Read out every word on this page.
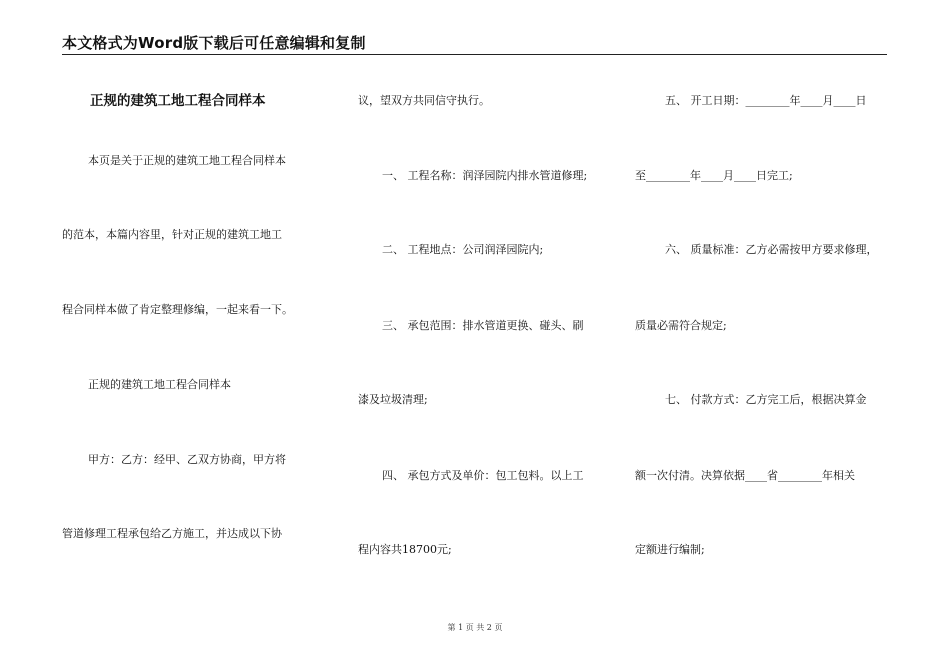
本文格式为Word版下载后可任意编辑和复制
正规的建筑工地工程合同样本
本页是关于正规的建筑工地工程合同样本
的范本，本篇内容里，针对正规的建筑工地工
程合同样本做了肯定整理修编，一起来看一下。
正规的建筑工地工程合同样本
甲方：乙方：经甲、乙双方协商，甲方将
管道修理工程承包给乙方施工，并达成以下协
议，望双方共同信守执行。
一、 工程名称：润泽园院内排水管道修理;
二、 工程地点：公司润泽园院内;
三、 承包范围：排水管道更换、碰头、刷
漆及垃圾清理;
四、 承包方式及单价：包工包料。以上工
程内容共18700元;
五、 开工日期：________年____月____日
至________年____月____日完工;
六、 质量标准：乙方必需按甲方要求修理，
质量必需符合规定;
七、 付款方式：乙方完工后，根据决算金
额一次付清。决算依据____省________年相关
定额进行编制;
第 1 页 共 2 页
